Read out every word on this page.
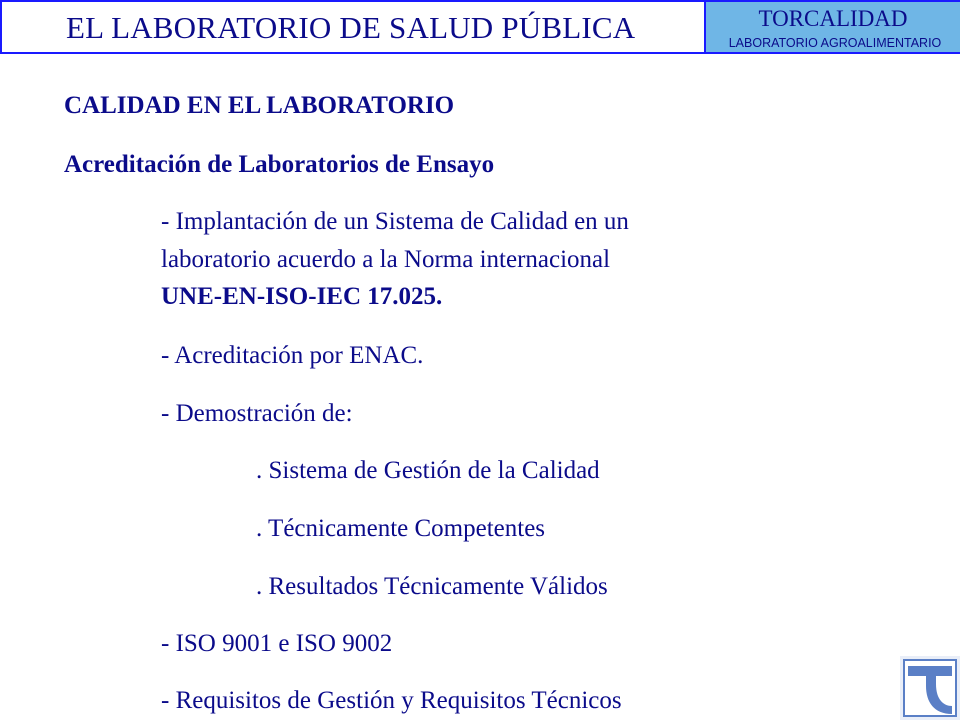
EL LABORATORIO DE SALUD PÚBLICA	TORCALIDAD
LABORATORIO AGROALIMENTARIO
CALIDAD EN EL LABORATORIO
Acreditación de Laboratorios de Ensayo
- Implantación de un Sistema de Calidad en un
laboratorio acuerdo a la Norma internacional
UNE-EN-ISO-IEC 17.025.
- Acreditación por ENAC.
- Demostración de:
. Sistema de Gestión de la Calidad
. Técnicamente Competentes
. Resultados Técnicamente Válidos
- ISO 9001 e ISO 9002
- Requisitos de Gestión y Requisitos Técnicos
